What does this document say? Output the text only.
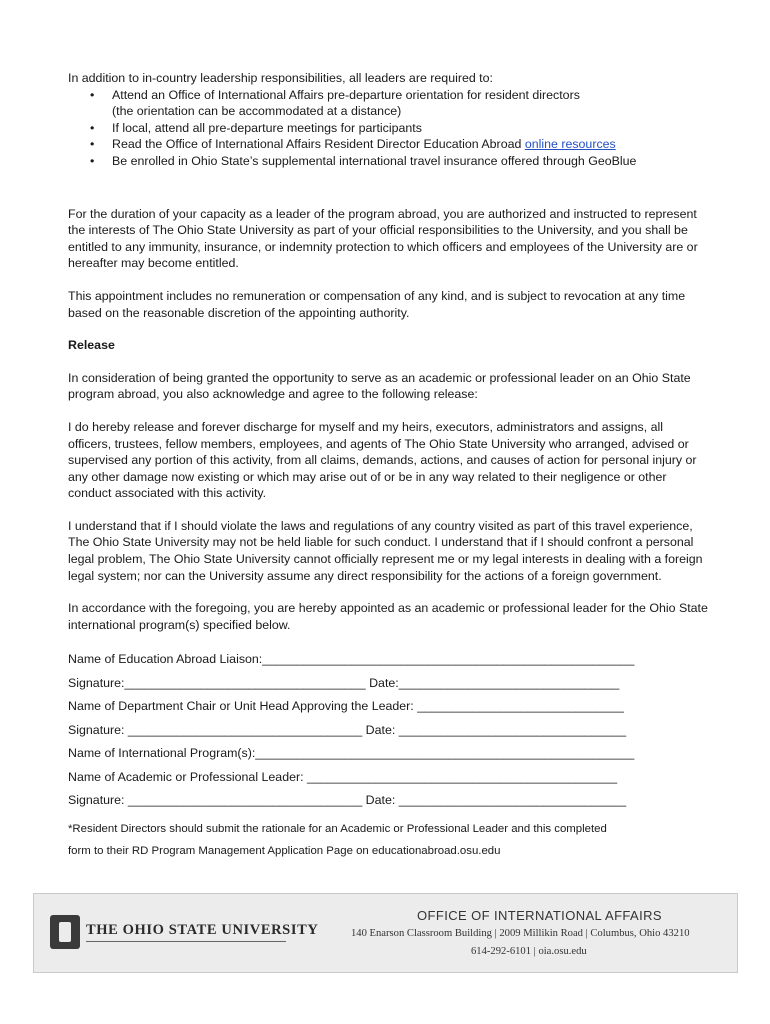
In addition to in-country leadership responsibilities, all leaders are required to:

• Attend an Office of International Affairs pre-departure orientation for resident directors
(the orientation can be accommodated at a distance)
• If local, attend all pre-departure meetings for participants
• Read the Office of International Affairs Resident Director Education Abroad online resources
• Be enrolled in Ohio State’s supplemental international travel insurance offered through GeoBlue

For the duration of your capacity as a leader of the program abroad, you are authorized and instructed to represent the interests of The Ohio State University as part of your official responsibilities to the University, and you shall be entitled to any immunity, insurance, or indemnity protection to which officers and employees of the University are or hereafter may become entitled.

This appointment includes no remuneration or compensation of any kind, and is subject to revocation at any time based on the reasonable discretion of the appointing authority.

Release

In consideration of being granted the opportunity to serve as an academic or professional leader on an Ohio State program abroad, you also acknowledge and agree to the following release:

I do hereby release and forever discharge for myself and my heirs, executors, administrators and assigns, all officers, trustees, fellow members, employees, and agents of The Ohio State University who arranged, advised or supervised any portion of this activity, from all claims, demands, actions, and causes of action for personal injury or any other damage now existing or which may arise out of or be in any way related to their negligence or other conduct associated with this activity.

I understand that if I should violate the laws and regulations of any country visited as part of this travel experience, The Ohio State University may not be held liable for such conduct. I understand that if I should confront a personal legal problem, The Ohio State University cannot officially represent me or my legal interests in dealing with a foreign legal system; nor can the University assume any direct responsibility for the actions of a foreign government.

In accordance with the foregoing, you are hereby appointed as an academic or professional leader for the Ohio State international program(s) specified below.

Name of Education Abroad Liaison:______________________________________________________
Signature:___________________________________ Date:________________________________
Name of Department Chair or Unit Head Approving the Leader: ______________________________
Signature: __________________________________ Date: _________________________________
Name of International Program(s):_______________________________________________________
Name of Academic or Professional Leader: _____________________________________________
Signature: __________________________________ Date: _________________________________
*Resident Directors should submit the rationale for an Academic or Professional Leader and this completed
form to their RD Program Management Application Page on educationabroad.osu.edu
THE OHIO STATE UNIVERSITY
OFFICE OF INTERNATIONAL AFFAIRS
140 Enarson Classroom Building | 2009 Millikin Road | Columbus, Ohio 43210
614-292-6101 | oia.osu.edu
